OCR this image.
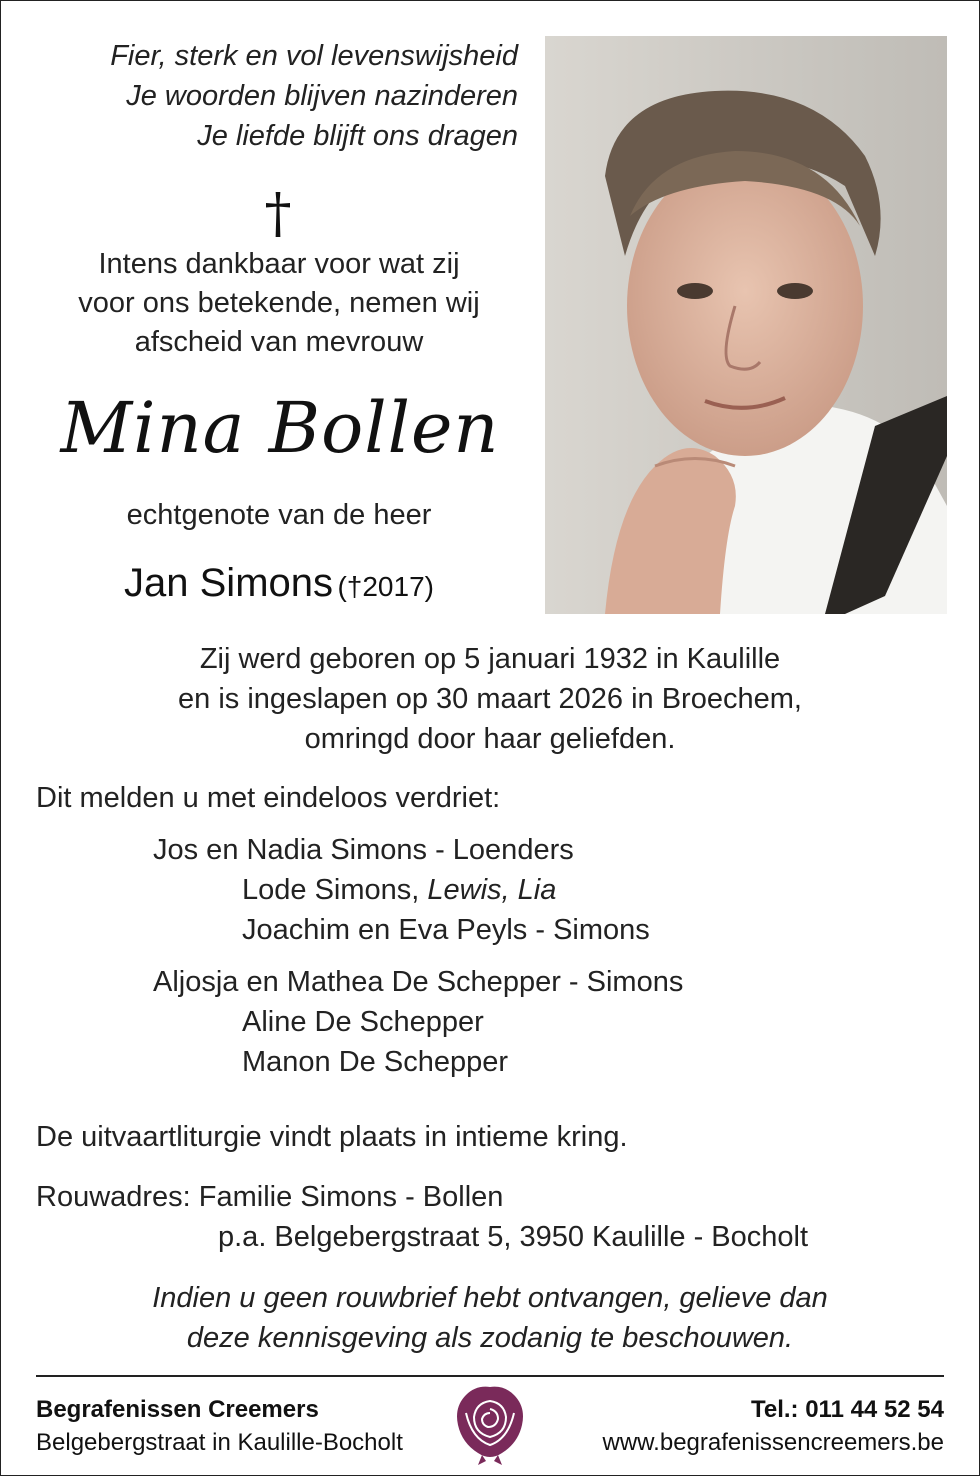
Fier, sterk en vol levenswijsheid
Je woorden blijven nazinderen
Je liefde blijft ons dragen
†
Intens dankbaar voor wat zij
voor ons betekende, nemen wij
afscheid van mevrouw
Mina Bollen
echtgenote van de heer
Jan Simons (†2017)
Zij werd geboren op 5 januari 1932 in Kaulille
en is ingeslapen op 30 maart 2026 in Broechem,
omringd door haar geliefden.
Dit melden u met eindeloos verdriet:
Jos en Nadia Simons - Loenders
Lode Simons, Lewis, Lia
Joachim en Eva Peyls - Simons
Aljosja en Mathea De Schepper - Simons
Aline De Schepper
Manon De Schepper
De uitvaartliturgie vindt plaats in intieme kring.
Rouwadres: Familie Simons - Bollen
p.a. Belgebergstraat 5, 3950 Kaulille - Bocholt
Indien u geen rouwbrief hebt ontvangen, gelieve dan
deze kennisgeving als zodanig te beschouwen.
Begrafenissen Creemers
Belgebergstraat in Kaulille-Bocholt
Tel.: 011 44 52 54
www.begrafenissencreemers.be
